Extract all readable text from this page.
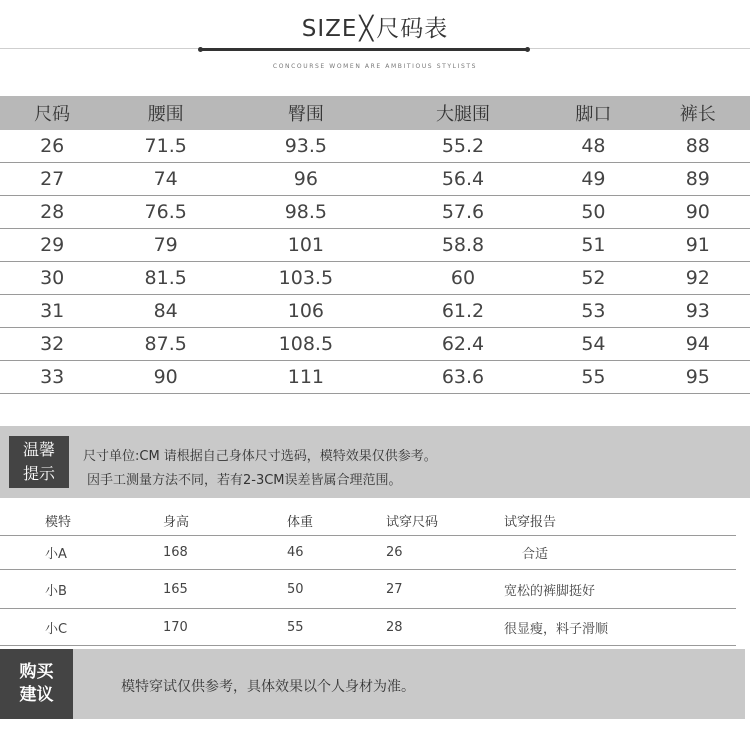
SIZE╳尺码表
CONCOURSE WOMEN ARE AMBITIOUS STYLISTS
尺码	腰围	臀围	大腿围	脚口	裤长
26	71.5	93.5	55.2	48	88
27	74	96	56.4	49	89
28	76.5	98.5	57.6	50	90
29	79	101	58.8	51	91
30	81.5	103.5	60	52	92
31	84	106	61.2	53	93
32	87.5	108.5	62.4	54	94
33	90	111	63.6	55	95
温馨
提示
尺寸单位:CM 请根据自己身体尺寸选码，模特效果仅供参考。
因手工测量方法不同，若有2-3CM误差皆属合理范围。
	模特	身高	体重	试穿尺码	试穿报告
	小A	168	46	26	合适
	小B	165	50	27	宽松的裤脚挺好
	小C	170	55	28	很显瘦，料子滑顺
购买
建议	模特穿试仅供参考，具体效果以个人身材为准。
